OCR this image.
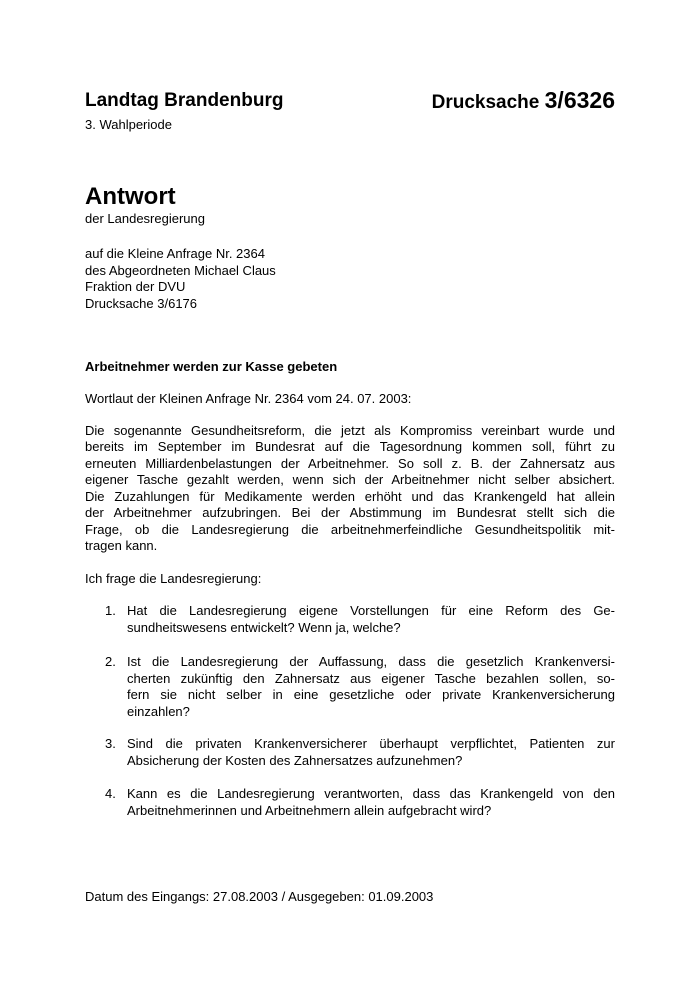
Landtag Brandenburg	Drucksache 3/6326
3. Wahlperiode
Antwort
der Landesregierung
auf die Kleine Anfrage Nr. 2364
des Abgeordneten Michael Claus
Fraktion der DVU
Drucksache 3/6176
Arbeitnehmer werden zur Kasse gebeten
Wortlaut der Kleinen Anfrage Nr. 2364 vom 24. 07. 2003:
Die sogenannte Gesundheitsreform, die jetzt als Kompromiss vereinbart wurde und
bereits im September im Bundesrat auf die Tagesordnung kommen soll, führt zu
erneuten Milliardenbelastungen der Arbeitnehmer. So soll z. B. der Zahnersatz aus
eigener Tasche gezahlt werden, wenn sich der Arbeitnehmer nicht selber absichert.
Die Zuzahlungen für Medikamente werden erhöht und das Krankengeld hat allein
der Arbeitnehmer aufzubringen. Bei der Abstimmung im Bundesrat stellt sich die
Frage, ob die Landesregierung die arbeitnehmerfeindliche Gesundheitspolitik mit-
tragen kann.
Ich frage die Landesregierung:
1. Hat die Landesregierung eigene Vorstellungen für eine Reform des Ge-
sundheitswesens entwickelt? Wenn ja, welche?
2. Ist die Landesregierung der Auffassung, dass die gesetzlich Krankenversi-
cherten zukünftig den Zahnersatz aus eigener Tasche bezahlen sollen, so-
fern sie nicht selber in eine gesetzliche oder private Krankenversicherung
einzahlen?
3. Sind die privaten Krankenversicherer überhaupt verpflichtet, Patienten zur
Absicherung der Kosten des Zahnersatzes aufzunehmen?
4. Kann es die Landesregierung verantworten, dass das Krankengeld von den
Arbeitnehmerinnen und Arbeitnehmern allein aufgebracht wird?
Datum des Eingangs: 27.08.2003 / Ausgegeben: 01.09.2003
